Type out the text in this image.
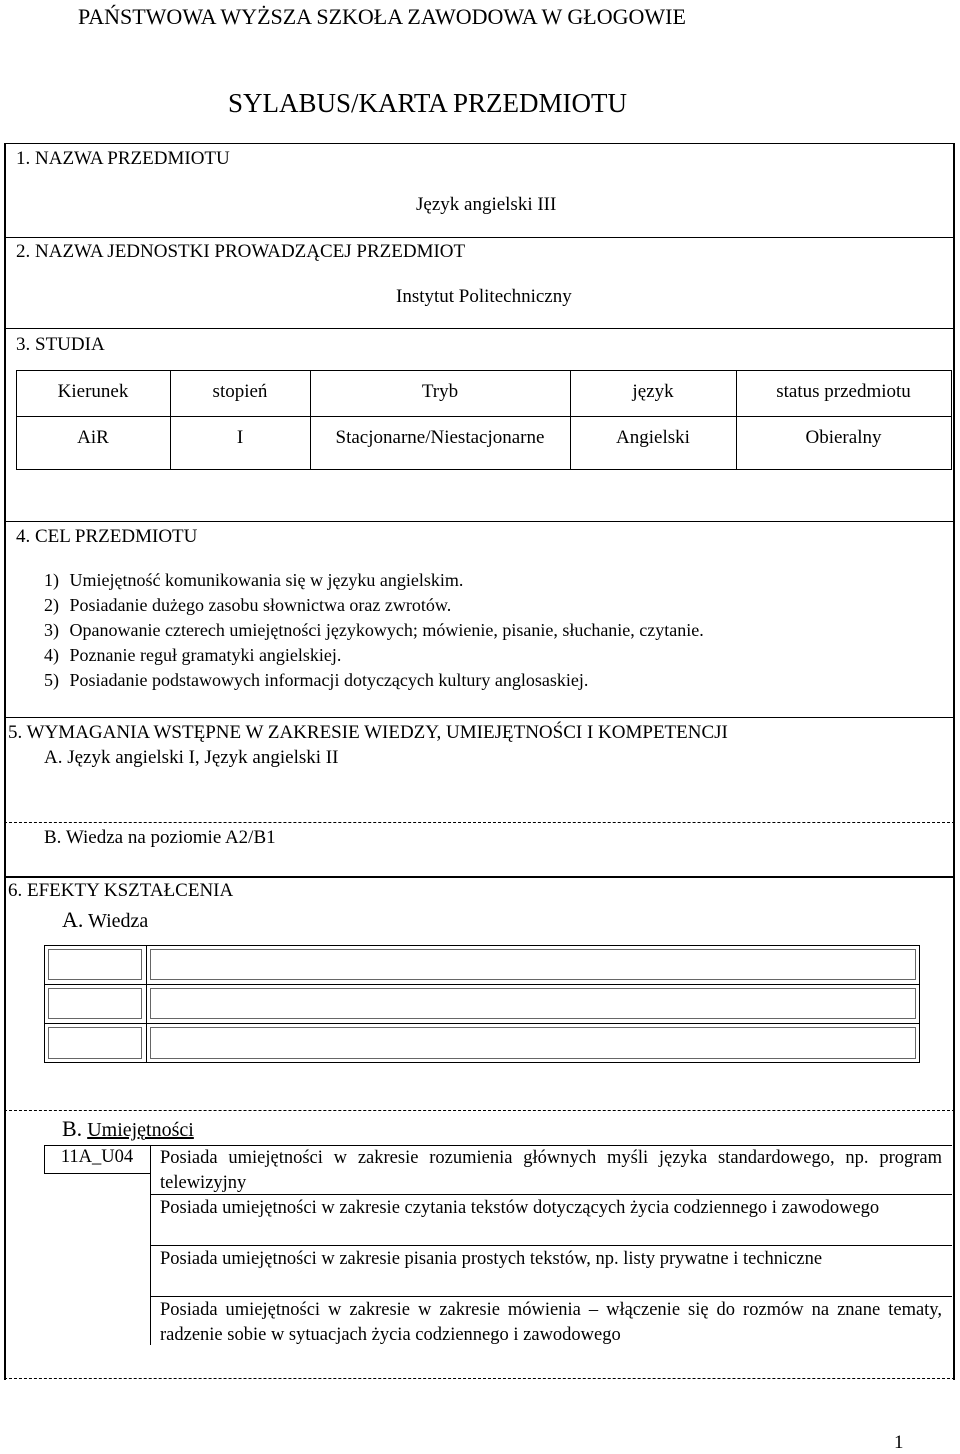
PAŃSTWOWA WYŻSZA SZKOŁA ZAWODOWA W GŁOGOWIE
SYLABUS/KARTA PRZEDMIOTU
1. NAZWA PRZEDMIOTU
Język angielski III
2. NAZWA JEDNOSTKI PROWADZĄCEJ PRZEDMIOT
Instytut Politechniczny
3. STUDIA
Kierunek	stopień	Tryb	język	status przedmiotu
AiR	I	Stacjonarne/Niestacjonarne	Angielski	Obieralny
4. CEL PRZEDMIOTU
1) Umiejętność komunikowania się w języku angielskim.
2) Posiadanie dużego zasobu słownictwa oraz zwrotów.
3) Opanowanie czterech umiejętności językowych; mówienie, pisanie, słuchanie, czytanie.
4) Poznanie reguł gramatyki angielskiej.
5) Posiadanie podstawowych informacji dotyczących kultury anglosaskiej.
5. WYMAGANIA WSTĘPNE W ZAKRESIE WIEDZY, UMIEJĘTNOŚCI I KOMPETENCJI
A. Język angielski I, Język angielski II
B. Wiedza na poziomie A2/B1
6. EFEKTY KSZTAŁCENIA
A. Wiedza
B. Umiejętności
11A_U04	Posiada umiejętności w zakresie rozumienia głównych myśli języka standardowego, np. program telewizyjny
Posiada umiejętności w zakresie czytania tekstów dotyczących życia codziennego i zawodowego
Posiada umiejętności w zakresie pisania prostych tekstów, np. listy prywatne i techniczne
Posiada umiejętności w zakresie w zakresie mówienia – włączenie się do rozmów na znane tematy, radzenie sobie w sytuacjach życia codziennego i zawodowego
1
